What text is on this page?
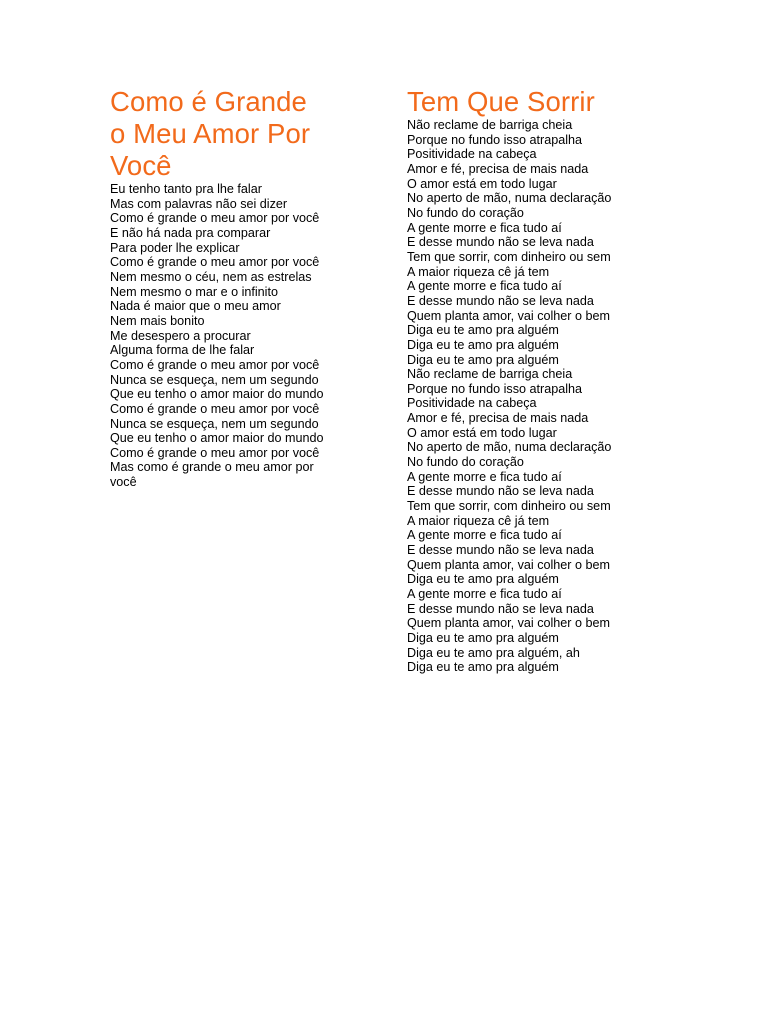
Como é Grande
o Meu Amor Por
Você
Eu tenho tanto pra lhe falar
Mas com palavras não sei dizer
Como é grande o meu amor por você
E não há nada pra comparar
Para poder lhe explicar
Como é grande o meu amor por você
Nem mesmo o céu, nem as estrelas
Nem mesmo o mar e o infinito
Nada é maior que o meu amor
Nem mais bonito
Me desespero a procurar
Alguma forma de lhe falar
Como é grande o meu amor por você
Nunca se esqueça, nem um segundo
Que eu tenho o amor maior do mundo
Como é grande o meu amor por você
Nunca se esqueça, nem um segundo
Que eu tenho o amor maior do mundo
Como é grande o meu amor por você
Mas como é grande o meu amor por
você
Tem Que Sorrir
Não reclame de barriga cheia
Porque no fundo isso atrapalha
Positividade na cabeça
Amor e fé, precisa de mais nada
O amor está em todo lugar
No aperto de mão, numa declaração
No fundo do coração
A gente morre e fica tudo aí
E desse mundo não se leva nada
Tem que sorrir, com dinheiro ou sem
A maior riqueza cê já tem
A gente morre e fica tudo aí
E desse mundo não se leva nada
Quem planta amor, vai colher o bem
Diga eu te amo pra alguém
Diga eu te amo pra alguém
Diga eu te amo pra alguém
Não reclame de barriga cheia
Porque no fundo isso atrapalha
Positividade na cabeça
Amor e fé, precisa de mais nada
O amor está em todo lugar
No aperto de mão, numa declaração
No fundo do coração
A gente morre e fica tudo aí
E desse mundo não se leva nada
Tem que sorrir, com dinheiro ou sem
A maior riqueza cê já tem
A gente morre e fica tudo aí
E desse mundo não se leva nada
Quem planta amor, vai colher o bem
Diga eu te amo pra alguém
A gente morre e fica tudo aí
E desse mundo não se leva nada
Quem planta amor, vai colher o bem
Diga eu te amo pra alguém
Diga eu te amo pra alguém, ah
Diga eu te amo pra alguém
